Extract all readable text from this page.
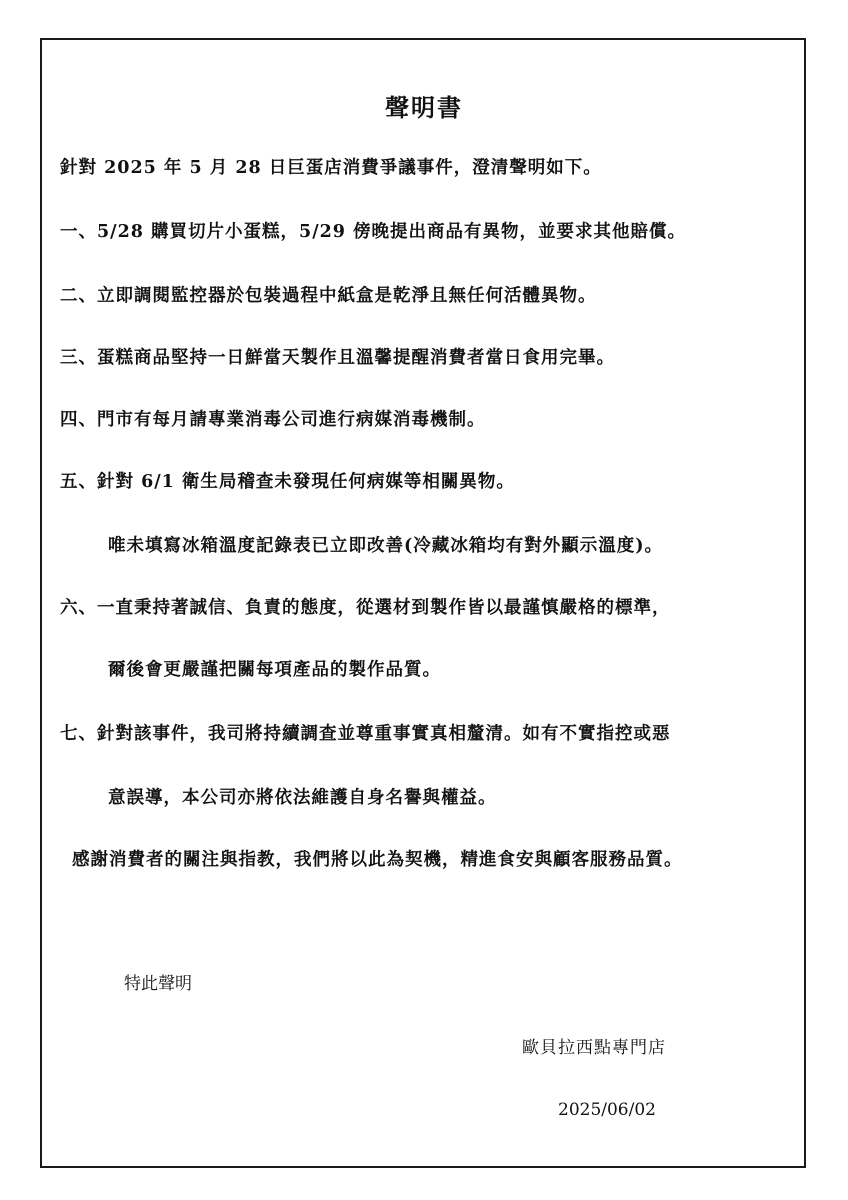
聲明書

針對 2025 年 5 月 28 日巨蛋店消費爭議事件，澄清聲明如下。

一、5/28 購買切片小蛋糕，5/29 傍晚提出商品有異物，並要求其他賠償。

二、立即調閱監控器於包裝過程中紙盒是乾淨且無任何活體異物。

三、蛋糕商品堅持一日鮮當天製作且溫馨提醒消費者當日食用完畢。

四、門市有每月請專業消毒公司進行病媒消毒機制。

五、針對 6/1 衛生局稽查未發現任何病媒等相關異物。

唯未填寫冰箱溫度記錄表已立即改善(冷藏冰箱均有對外顯示溫度)。

六、一直秉持著誠信、負責的態度，從選材到製作皆以最謹慎嚴格的標準，

爾後會更嚴謹把關每項產品的製作品質。

七、針對該事件，我司將持續調查並尊重事實真相釐清。如有不實指控或惡

意誤導，本公司亦將依法維護自身名譽與權益。

感謝消費者的關注與指教，我們將以此為契機，精進食安與顧客服務品質。

特此聲明

歐貝拉西點專門店

2025/06/02
